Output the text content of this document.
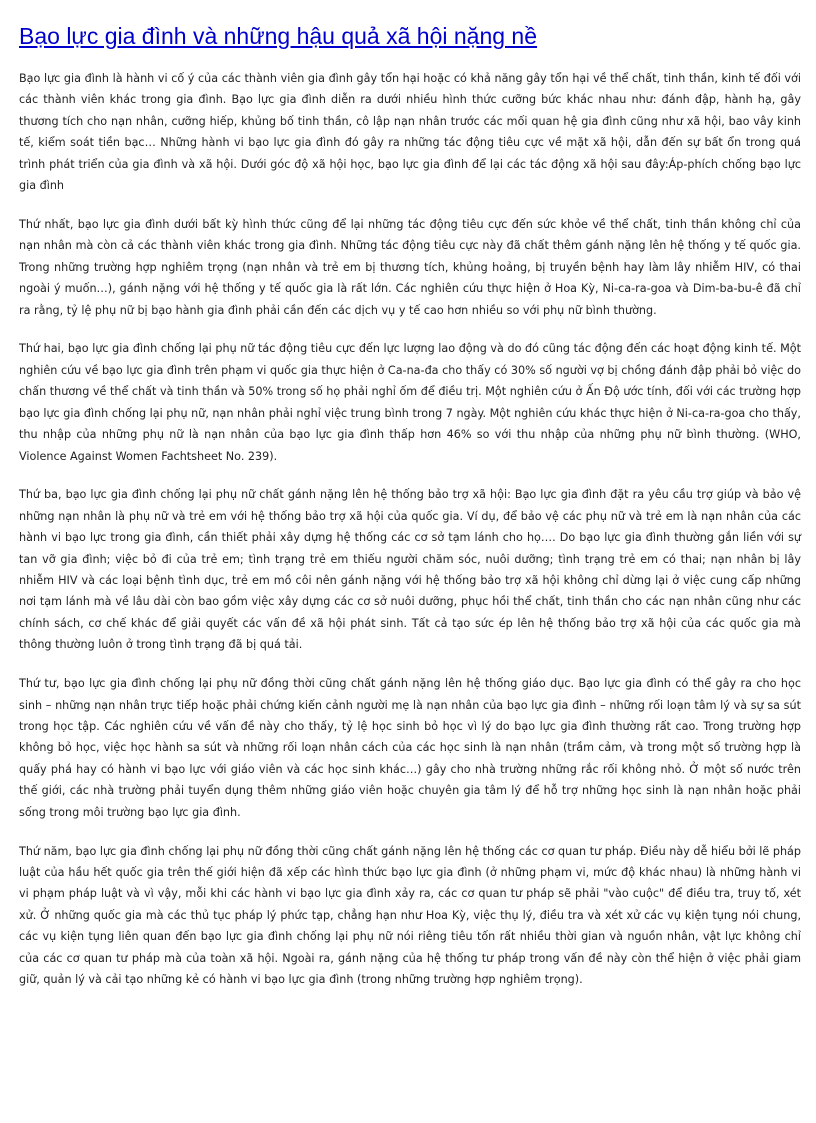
Bạo lực gia đình và những hậu quả xã hội nặng nề

Bạo lực gia đình là hành vi cố ý của các thành viên gia đình gây tổn hại hoặc có khả năng gây tổn hại về thể chất, tinh thần, kinh tế đối với các thành viên khác trong gia đình. Bạo lực gia đình diễn ra dưới nhiều hình thức cưỡng bức khác nhau như: đánh đập, hành hạ, gây thương tích cho nạn nhân, cưỡng hiếp, khủng bố tinh thần, cô lập nạn nhân trước các mối quan hệ gia đình cũng như xã hội, bao vây kinh tế, kiểm soát tiền bạc… Những hành vi bạo lực gia đình đó gây ra những tác động tiêu cực về mặt xã hội, dẫn đến sự bất ổn trong quá trình phát triển của gia đình và xã hội. Dưới góc độ xã hội học, bạo lực gia đình để lại các tác động xã hội sau đây:Áp-phích chống bạo lực gia đình

Thứ nhất, bạo lực gia đình dưới bất kỳ hình thức cũng để lại những tác động tiêu cực đến sức khỏe về thể chất, tinh thần không chỉ của nạn nhân mà còn cả các thành viên khác trong gia đình. Những tác động tiêu cực này đã chất thêm gánh nặng lên hệ thống y tế quốc gia. Trong những trường hợp nghiêm trọng (nạn nhân và trẻ em bị thương tích, khủng hoảng, bị truyền bệnh hay làm lây nhiễm HIV, có thai ngoài ý muốn…), gánh nặng với hệ thống y tế quốc gia là rất lớn. Các nghiên cứu thực hiện ở Hoa Kỳ, Ni-ca-ra-goa và Dim-ba-bu-ê đã chỉ ra rằng, tỷ lệ phụ nữ bị bạo hành gia đình phải cần đến các dịch vụ y tế cao hơn nhiều so với phụ nữ bình thường.

Thứ hai, bạo lực gia đình chống lại phụ nữ tác động tiêu cực đến lực lượng lao động và do đó cũng tác động đến các hoạt động kinh tế. Một nghiên cứu về bạo lực gia đình trên phạm vi quốc gia thực hiện ở Ca-na-đa cho thấy có 30% số người vợ bị chồng đánh đập phải bỏ việc do chấn thương về thể chất và tinh thần và 50% trong số họ phải nghỉ ốm để điều trị. Một nghiên cứu ở Ấn Độ ước tính, đối với các trường hợp bạo lực gia đình chống lại phụ nữ, nạn nhân phải nghỉ việc trung bình trong 7 ngày. Một nghiên cứu khác thực hiện ở Ni-ca-ra-goa cho thấy, thu nhập của những phụ nữ là nạn nhân của bạo lực gia đình thấp hơn 46% so với thu nhập của những phụ nữ bình thường. (WHO, Violence Against Women Fachtsheet No. 239).

Thứ ba, bạo lực gia đình chống lại phụ nữ chất gánh nặng lên hệ thống bảo trợ xã hội: Bạo lực gia đình đặt ra yêu cầu trợ giúp và bảo vệ những nạn nhân là phụ nữ và trẻ em với hệ thống bảo trợ xã hội của quốc gia. Ví dụ, để bảo vệ các phụ nữ và trẻ em là nạn nhân của các hành vi bạo lực trong gia đình, cần thiết phải xây dựng hệ thống các cơ sở tạm lánh cho họ…. Do bạo lực gia đình thường gắn liền với sự tan vỡ gia đình; việc bỏ đi của trẻ em; tình trạng trẻ em thiếu người chăm sóc, nuôi dưỡng; tình trạng trẻ em có thai; nạn nhân bị lây nhiễm HIV và các loại bệnh tình dục, trẻ em mồ côi nên gánh nặng với hệ thống bảo trợ xã hội không chỉ dừng lại ở việc cung cấp những nơi tạm lánh mà về lâu dài còn bao gồm việc xây dựng các cơ sở nuôi dưỡng, phục hồi thể chất, tinh thần cho các nạn nhân cũng như các chính sách, cơ chế khác để giải quyết các vấn đề xã hội phát sinh. Tất cả tạo sức ép lên hệ thống bảo trợ xã hội của các quốc gia mà thông thường luôn ở trong tình trạng đã bị quá tải.

Thứ tư, bạo lực gia đình chống lại phụ nữ đồng thời cũng chất gánh nặng lên hệ thống giáo dục. Bạo lực gia đình có thể gây ra cho học sinh – những nạn nhân trực tiếp hoặc phải chứng kiến cảnh người mẹ là nạn nhân của bạo lực gia đình – những rối loạn tâm lý và sự sa sút trong học tập. Các nghiên cứu về vấn đề này cho thấy, tỷ lệ học sinh bỏ học vì lý do bạo lực gia đình thường rất cao. Trong trường hợp không bỏ học, việc học hành sa sút và những rối loạn nhân cách của các học sinh là nạn nhân (trầm cảm, và trong một số trường hợp là quấy phá hay có hành vi bạo lực với giáo viên và các học sinh khác…) gây cho nhà trường những rắc rối không nhỏ. Ở một số nước trên thế giới, các nhà trường phải tuyển dụng thêm những giáo viên hoặc chuyên gia tâm lý để hỗ trợ những học sinh là nạn nhân hoặc phải sống trong môi trường bạo lực gia đình.

Thứ năm, bạo lực gia đình chống lại phụ nữ đồng thời cũng chất gánh nặng lên hệ thống các cơ quan tư pháp. Điều này dễ hiểu bởi lẽ pháp luật của hầu hết quốc gia trên thế giới hiện đã xếp các hình thức bạo lực gia đình (ở những phạm vi, mức độ khác nhau) là những hành vi vi phạm pháp luật và vì vậy, mỗi khi các hành vi bạo lực gia đình xảy ra, các cơ quan tư pháp sẽ phải "vào cuộc" để điều tra, truy tố, xét xử. Ở những quốc gia mà các thủ tục pháp lý phức tạp, chẳng hạn như Hoa Kỳ, việc thụ lý, điều tra và xét xử các vụ kiện tụng nói chung, các vụ kiện tụng liên quan đến bạo lực gia đình chống lại phụ nữ nói riêng tiêu tốn rất nhiều thời gian và nguồn nhân, vật lực không chỉ của các cơ quan tư pháp mà của toàn xã hội. Ngoài ra, gánh nặng của hệ thống tư pháp trong vấn đề này còn thể hiện ở việc phải giam giữ, quản lý và cải tạo những kẻ có hành vi bạo lực gia đình (trong những trường hợp nghiêm trọng).
